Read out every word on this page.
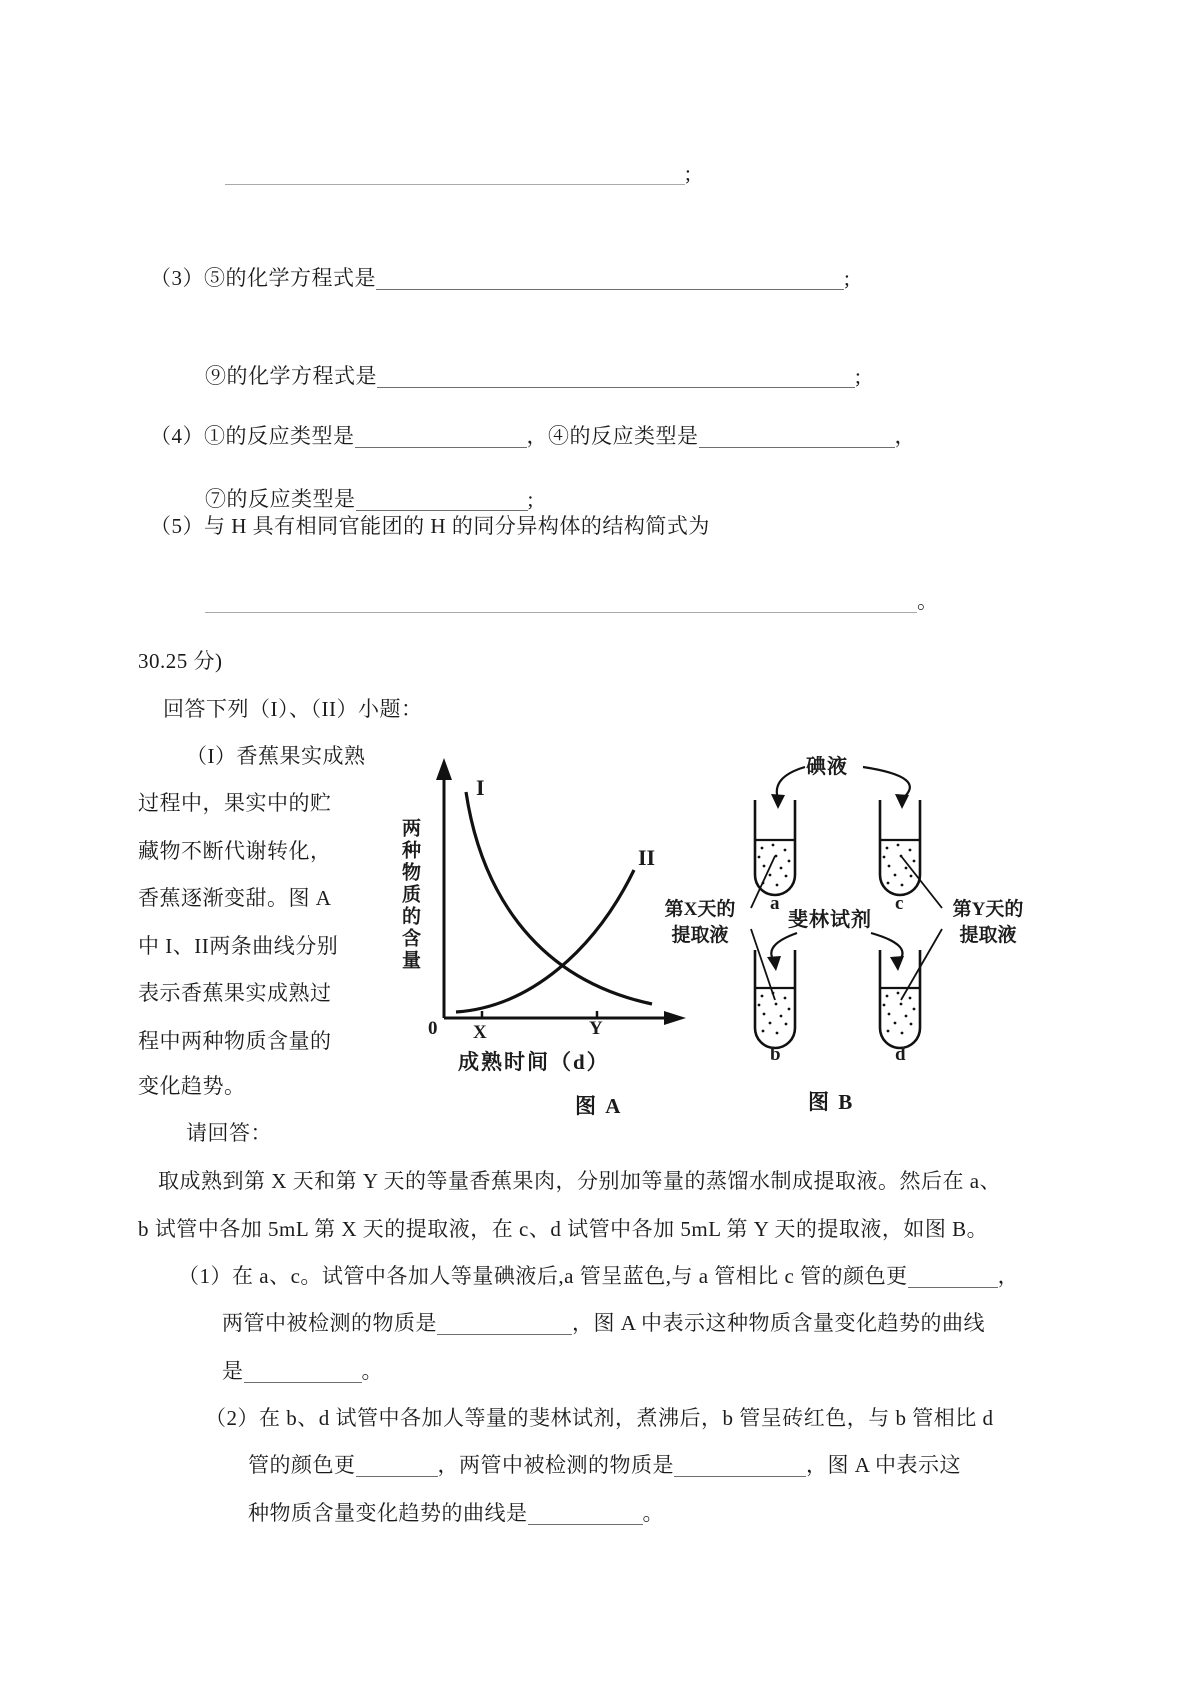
;
（3）⑤的化学方程式是	;
⑨的化学方程式是	;
（4）①的反应类型是	，④的反应类型是	，
⑦的反应类型是	;
（5）与 H 具有相同官能团的 H 的同分异构体的结构简式为
。
30.25 分)
回答下列（I）、（II）小题：
（I）香蕉果实成熟
过程中，果实中的贮
藏物不断代谢转化，
香蕉逐渐变甜。图 A
中 I、II两条曲线分别
表示香蕉果实成熟过
程中两种物质含量的
变化趋势。
两种物质的含量
I
II
0 X	Y
成熟时间（d）
图 A
碘液
斐林试剂
第X天的
提取液
第Y天的
提取液
a	c
b	d
图 B
请回答：
取成熟到第 X 天和第 Y 天的等量香蕉果肉，分别加等量的蒸馏水制成提取液。然后在 a、
b 试管中各加 5mL 第 X 天的提取液，在 c、d 试管中各加 5mL 第 Y 天的提取液，如图 B。
（1）在 a、c。试管中各加人等量碘液后,a 管呈蓝色,与 a 管相比 c 管的颜色更	，
两管中被检测的物质是	，图 A 中表示这种物质含量变化趋势的曲线
是	。
（2）在 b、d 试管中各加人等量的斐林试剂，煮沸后，b 管呈砖红色，与 b 管相比 d
管的颜色更	，两管中被检测的物质是	，图 A 中表示这
种物质含量变化趋势的曲线是	。
